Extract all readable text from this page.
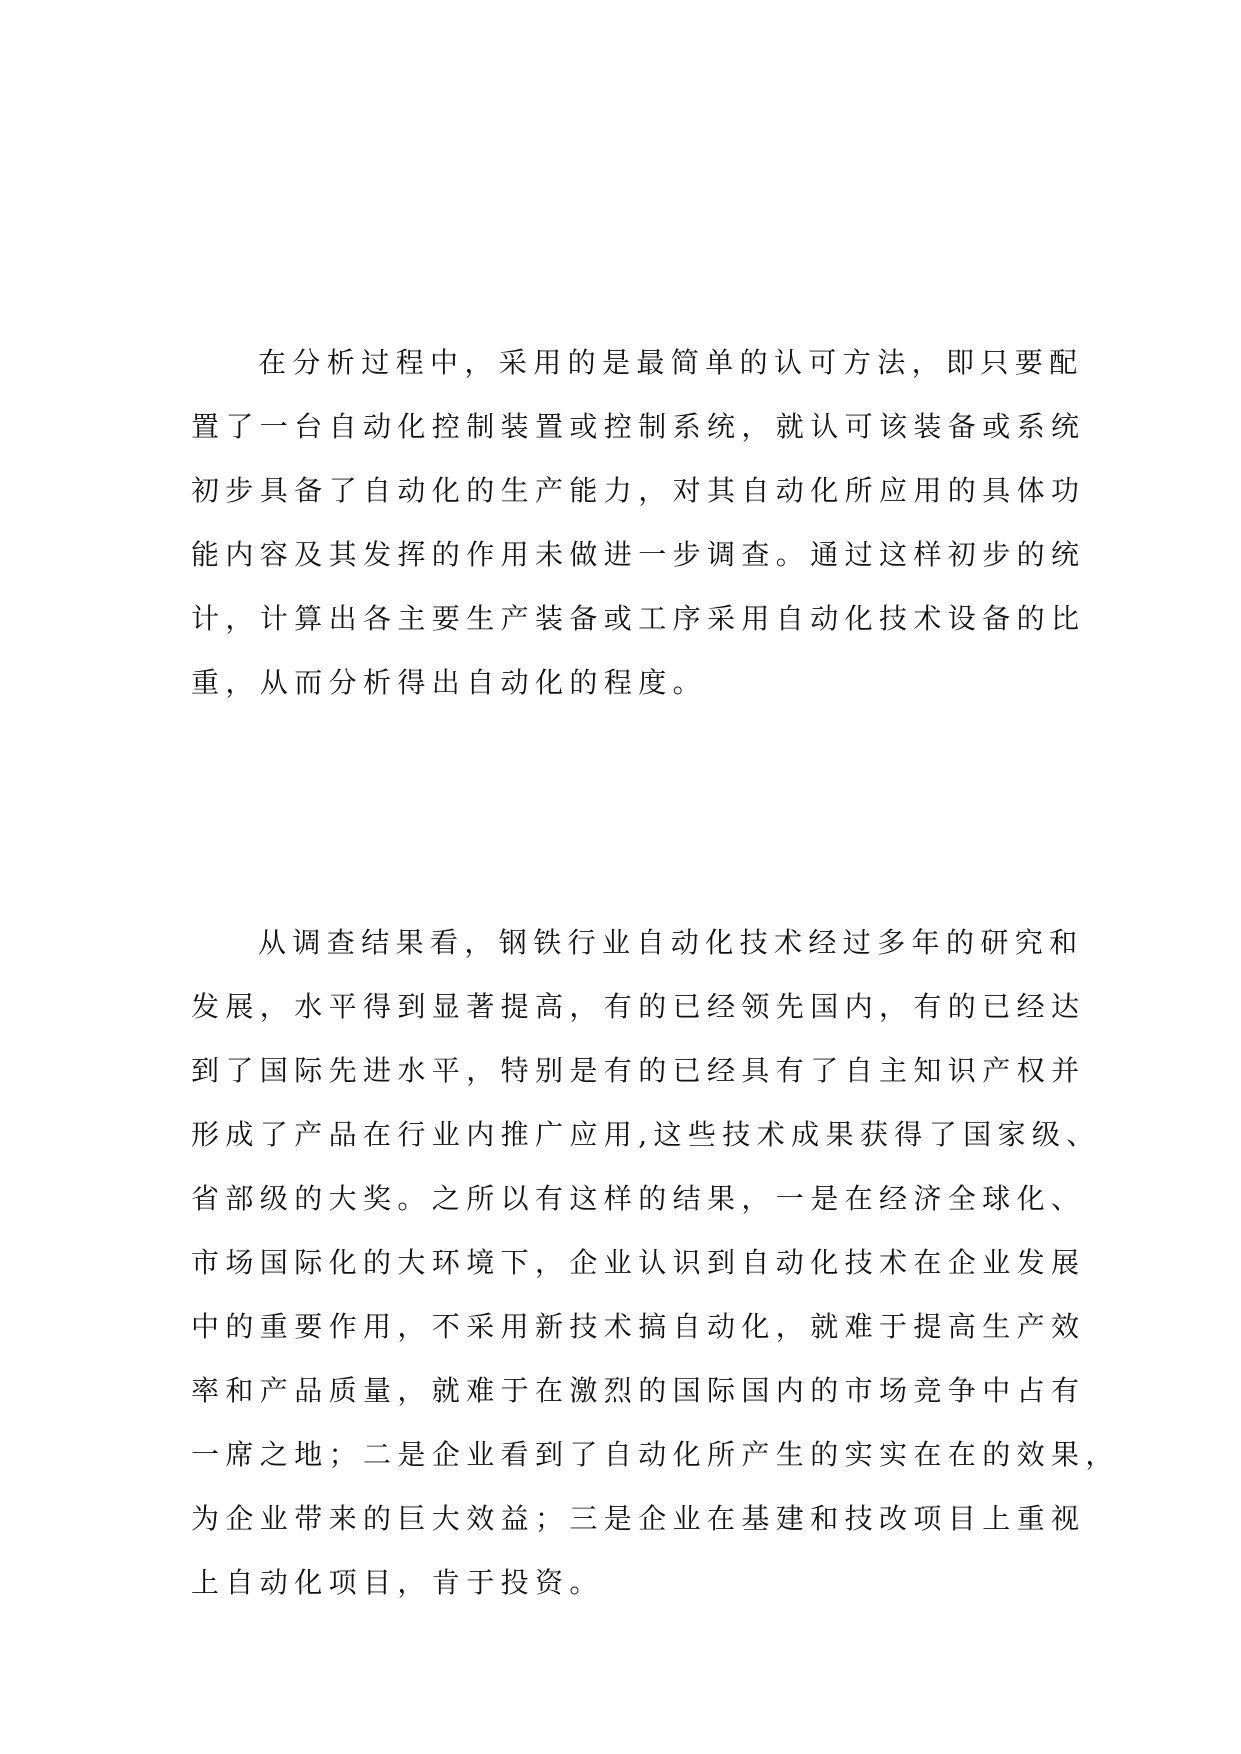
在分析过程中，采用的是最简单的认可方法，即只要配
置了一台自动化控制装置或控制系统，就认可该装备或系统
初步具备了自动化的生产能力，对其自动化所应用的具体功
能内容及其发挥的作用未做进一步调查。通过这样初步的统
计，计算出各主要生产装备或工序采用自动化技术设备的比
重，从而分析得出自动化的程度。

从调查结果看，钢铁行业自动化技术经过多年的研究和
发展，水平得到显著提高，有的已经领先国内，有的已经达
到了国际先进水平，特别是有的已经具有了自主知识产权并
形成了产品在行业内推广应用,这些技术成果获得了国家级、
省部级的大奖。之所以有这样的结果，一是在经济全球化、
市场国际化的大环境下，企业认识到自动化技术在企业发展
中的重要作用，不采用新技术搞自动化，就难于提高生产效
率和产品质量，就难于在激烈的国际国内的市场竞争中占有
一席之地；二是企业看到了自动化所产生的实实在在的效果，
为企业带来的巨大效益；三是企业在基建和技改项目上重视
上自动化项目，肯于投资。
